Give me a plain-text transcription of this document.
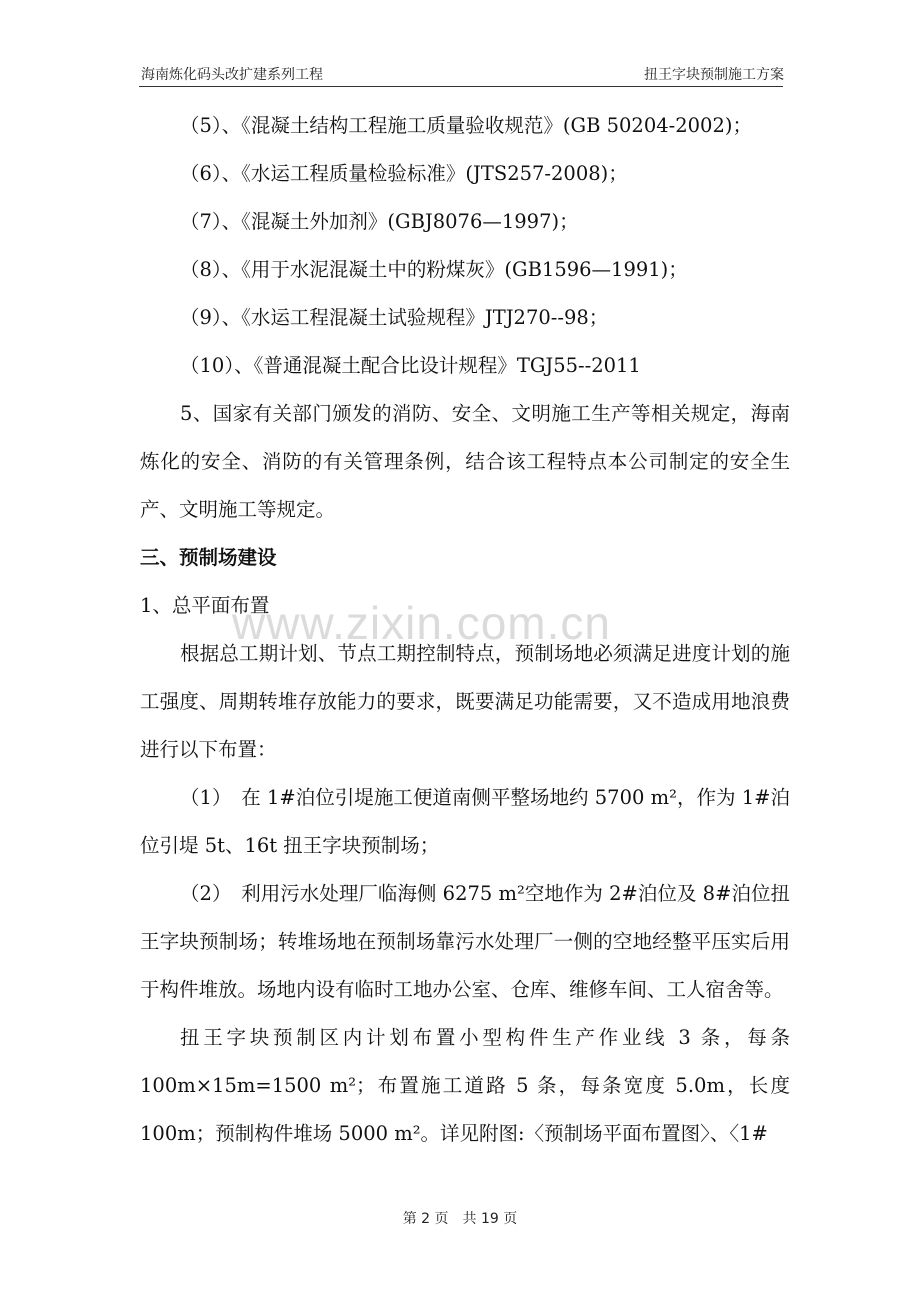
海南炼化码头改扩建系列工程	扭王字块预制施工方案

（5）、《混凝土结构工程施工质量验收规范》(GB 50204-2002)；

（6）、《水运工程质量检验标准》(JTS257-2008)；

（7）、《混凝土外加剂》(GBJ8076—1997)；

（8）、《用于水泥混凝土中的粉煤灰》(GB1596—1991)；

（9）、《水运工程混凝土试验规程》JTJ270--98；

（10）、《普通混凝土配合比设计规程》TGJ55--2011

5、国家有关部门颁发的消防、安全、文明施工生产等相关规定，海南炼化的安全、消防的有关管理条例，结合该工程特点本公司制定的安全生产、文明施工等规定。

三、预制场建设

1、总平面布置

根据总工期计划、节点工期控制特点，预制场地必须满足进度计划的施工强度、周期转堆存放能力的要求，既要满足功能需要，又不造成用地浪费进行以下布置：

（1）　在 1#泊位引堤施工便道南侧平整场地约 5700 m²，作为 1#泊位引堤 5t、16t 扭王字块预制场；

（2）　利用污水处理厂临海侧 6275 m²空地作为 2#泊位及 8#泊位扭王字块预制场；转堆场地在预制场靠污水处理厂一侧的空地经整平压实后用于构件堆放。场地内设有临时工地办公室、仓库、维修车间、工人宿舍等。

扭王字块预制区内计划布置小型构件生产作业线 3 条，每条 100m×15m=1500 m²；布置施工道路 5 条，每条宽度 5.0m，长度 100m；预制构件堆场 5000 m²。详见附图:〈预制场平面布置图〉、〈1#

www.zixin.com.cn
第 2 页　共 19 页
